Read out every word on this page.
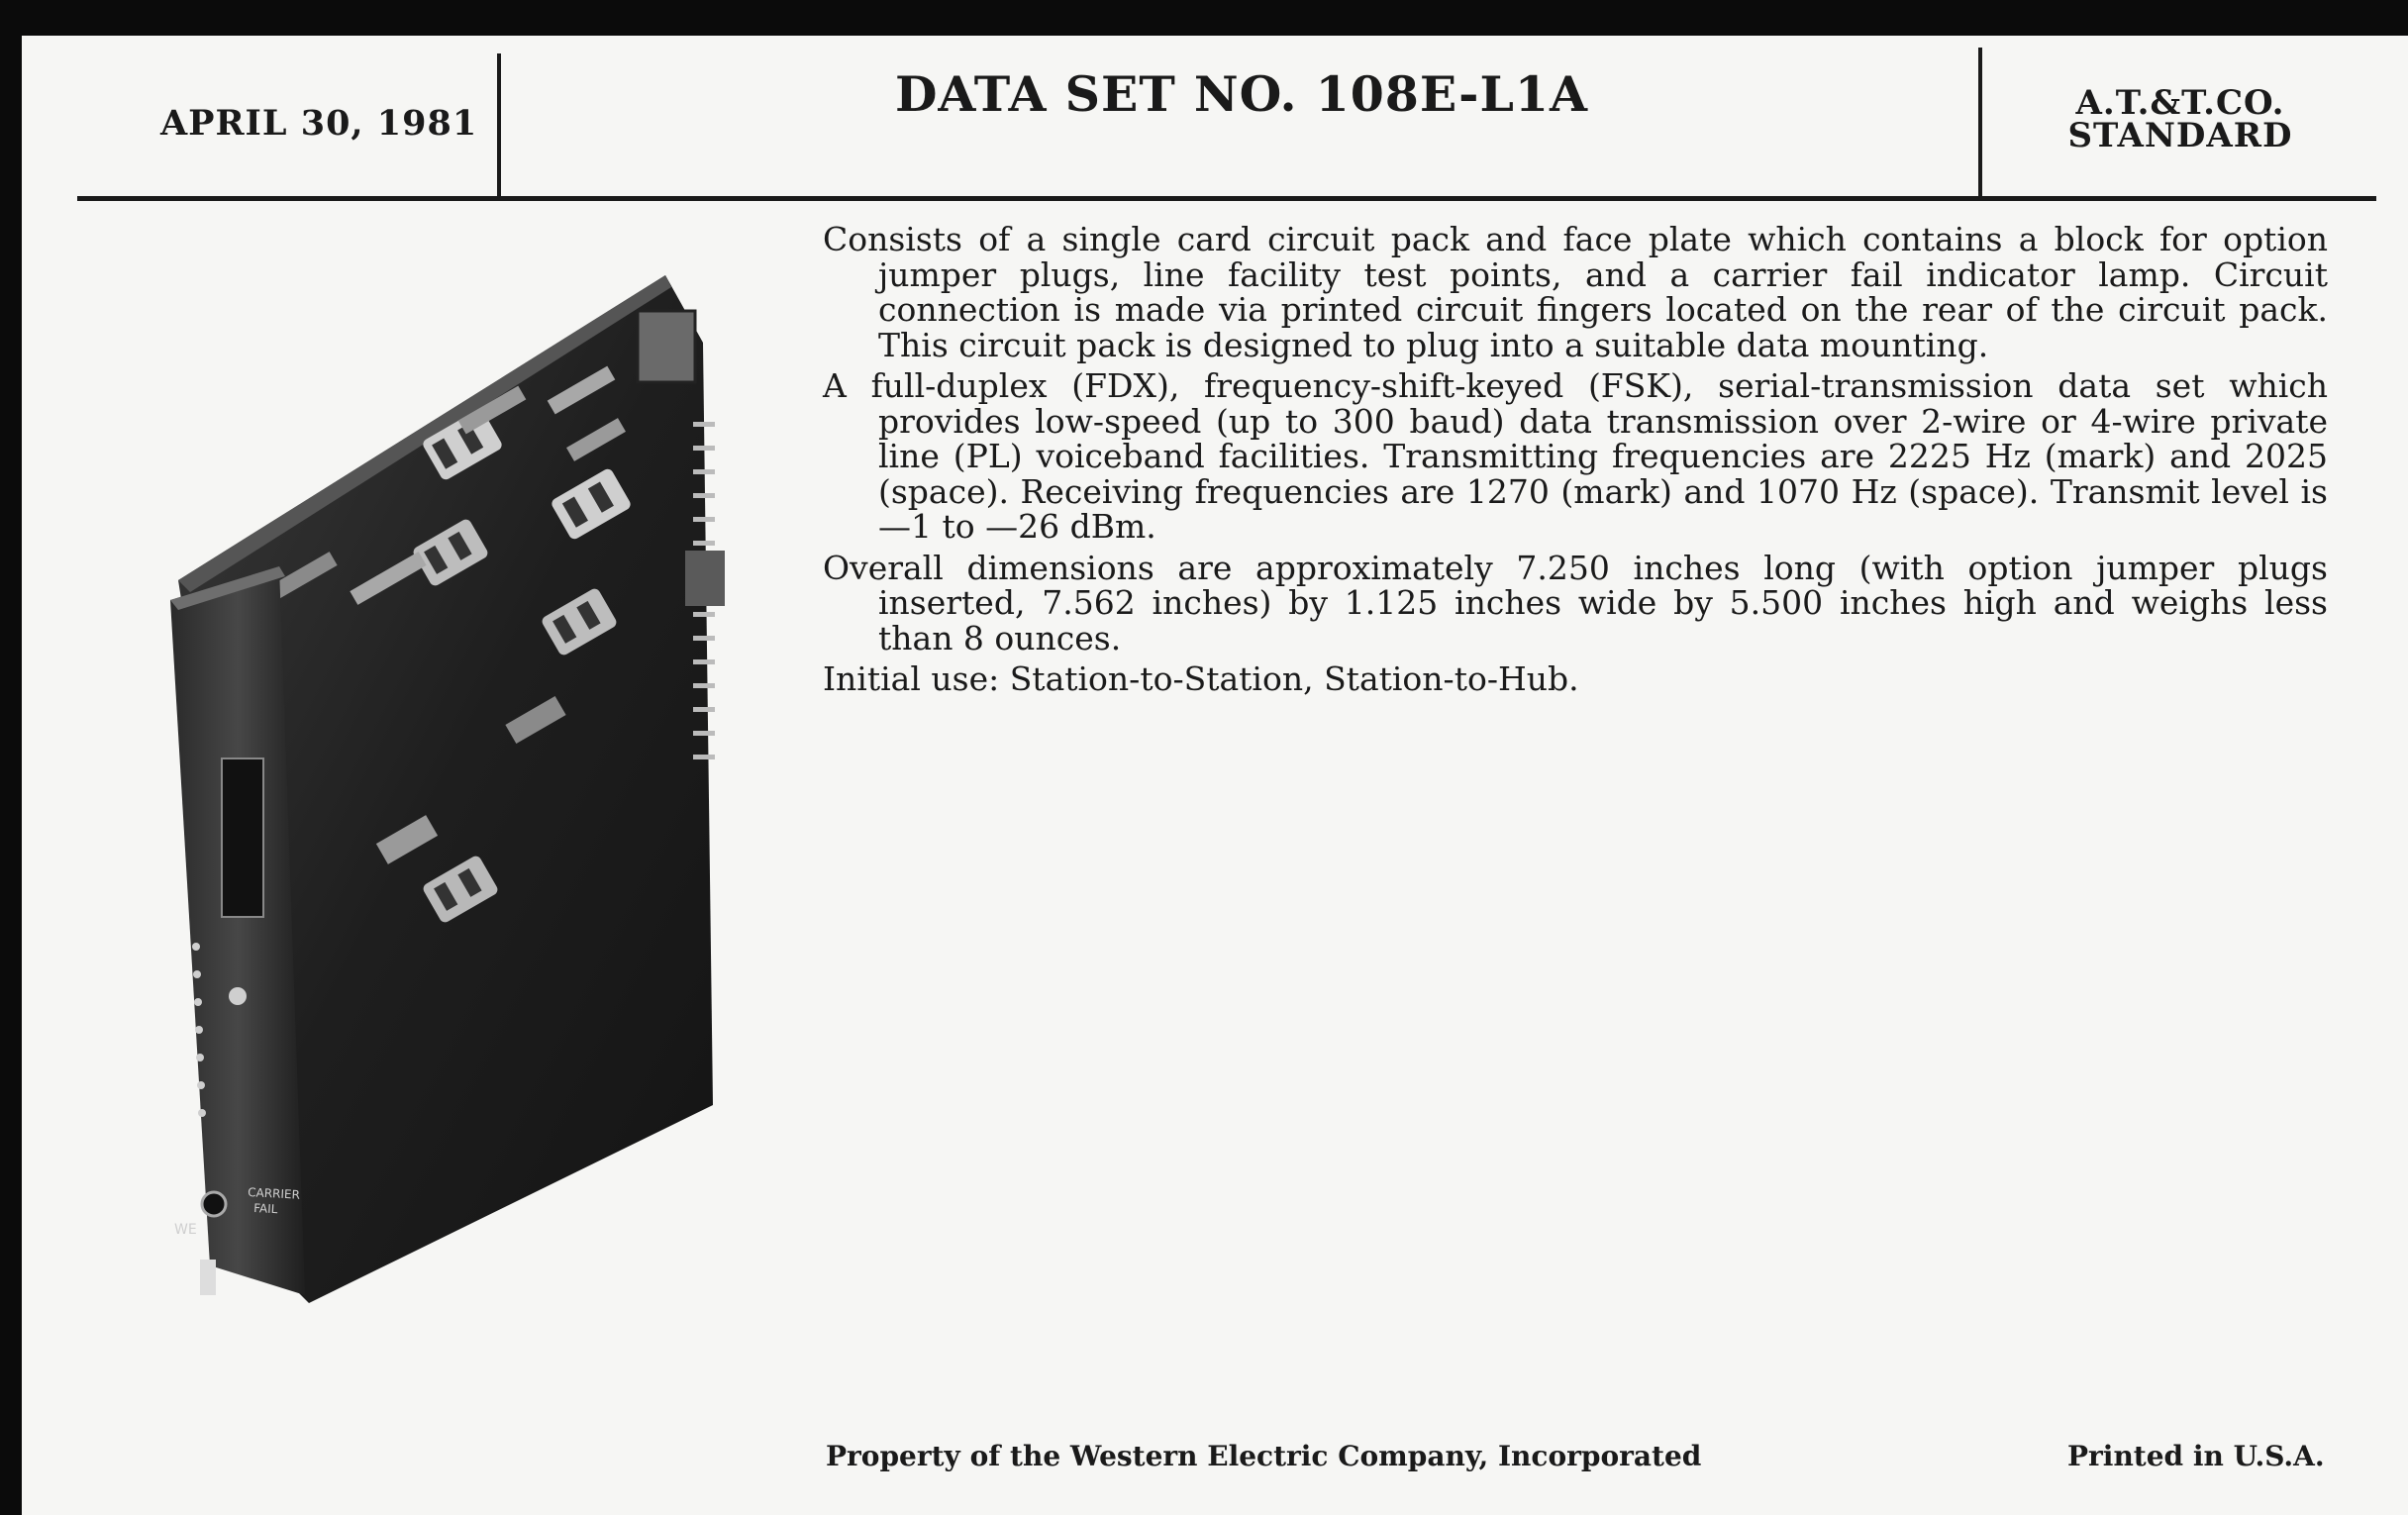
APRIL 30, 1981
DATA SET NO. 108E-L1A	A.T.&T.CO.
STANDARD
CARRIER
FAIL
WE

Consists of a single card circuit pack and face plate which contains a block for option jumper plugs, line facility test points, and a carrier fail indicator lamp. Circuit connection is made via printed circuit fingers located on the rear of the circuit pack. This circuit pack is designed to plug into a suitable data mounting.

A full-duplex (FDX), frequency-shift-keyed (FSK), serial-transmission data set which provides low-speed (up to 300 baud) data transmission over 2-wire or 4-wire private line (PL) voiceband facilities. Transmitting frequencies are 2225 Hz (mark) and 2025 (space). Receiving frequencies are 1270 (mark) and 1070 Hz (space). Transmit level is —1 to —26 dBm.

Overall dimensions are approximately 7.250 inches long (with option jumper plugs inserted, 7.562 inches) by 1.125 inches wide by 5.500 inches high and weighs less than 8 ounces.

Initial use: Station-to-Station, Station-to-Hub.

Property of the Western Electric Company, Incorporated	Printed in U.S.A.
